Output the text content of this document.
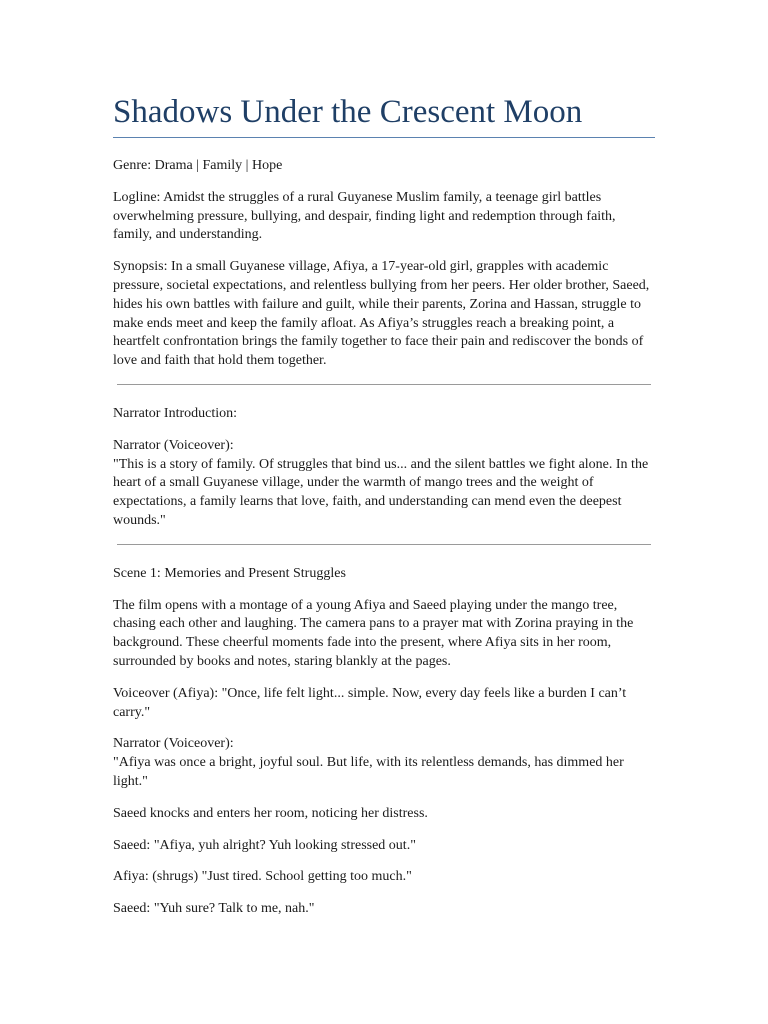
Shadows Under the Crescent Moon

Genre: Drama | Family | Hope

Logline: Amidst the struggles of a rural Guyanese Muslim family, a teenage girl battles overwhelming pressure, bullying, and despair, finding light and redemption through faith, family, and understanding.

Synopsis: In a small Guyanese village, Afiya, a 17-year-old girl, grapples with academic pressure, societal expectations, and relentless bullying from her peers. Her older brother, Saeed, hides his own battles with failure and guilt, while their parents, Zorina and Hassan, struggle to make ends meet and keep the family afloat. As Afiya’s struggles reach a breaking point, a heartfelt confrontation brings the family together to face their pain and rediscover the bonds of love and faith that hold them together.

Narrator Introduction:

Narrator (Voiceover):
"This is a story of family. Of struggles that bind us... and the silent battles we fight alone. In the heart of a small Guyanese village, under the warmth of mango trees and the weight of expectations, a family learns that love, faith, and understanding can mend even the deepest wounds."

Scene 1: Memories and Present Struggles

The film opens with a montage of a young Afiya and Saeed playing under the mango tree, chasing each other and laughing. The camera pans to a prayer mat with Zorina praying in the background. These cheerful moments fade into the present, where Afiya sits in her room, surrounded by books and notes, staring blankly at the pages.

Voiceover (Afiya): "Once, life felt light... simple. Now, every day feels like a burden I can’t carry."

Narrator (Voiceover):
"Afiya was once a bright, joyful soul. But life, with its relentless demands, has dimmed her light."

Saeed knocks and enters her room, noticing her distress.

Saeed: "Afiya, yuh alright? Yuh looking stressed out."

Afiya: (shrugs) "Just tired. School getting too much."

Saeed: "Yuh sure? Talk to me, nah."
